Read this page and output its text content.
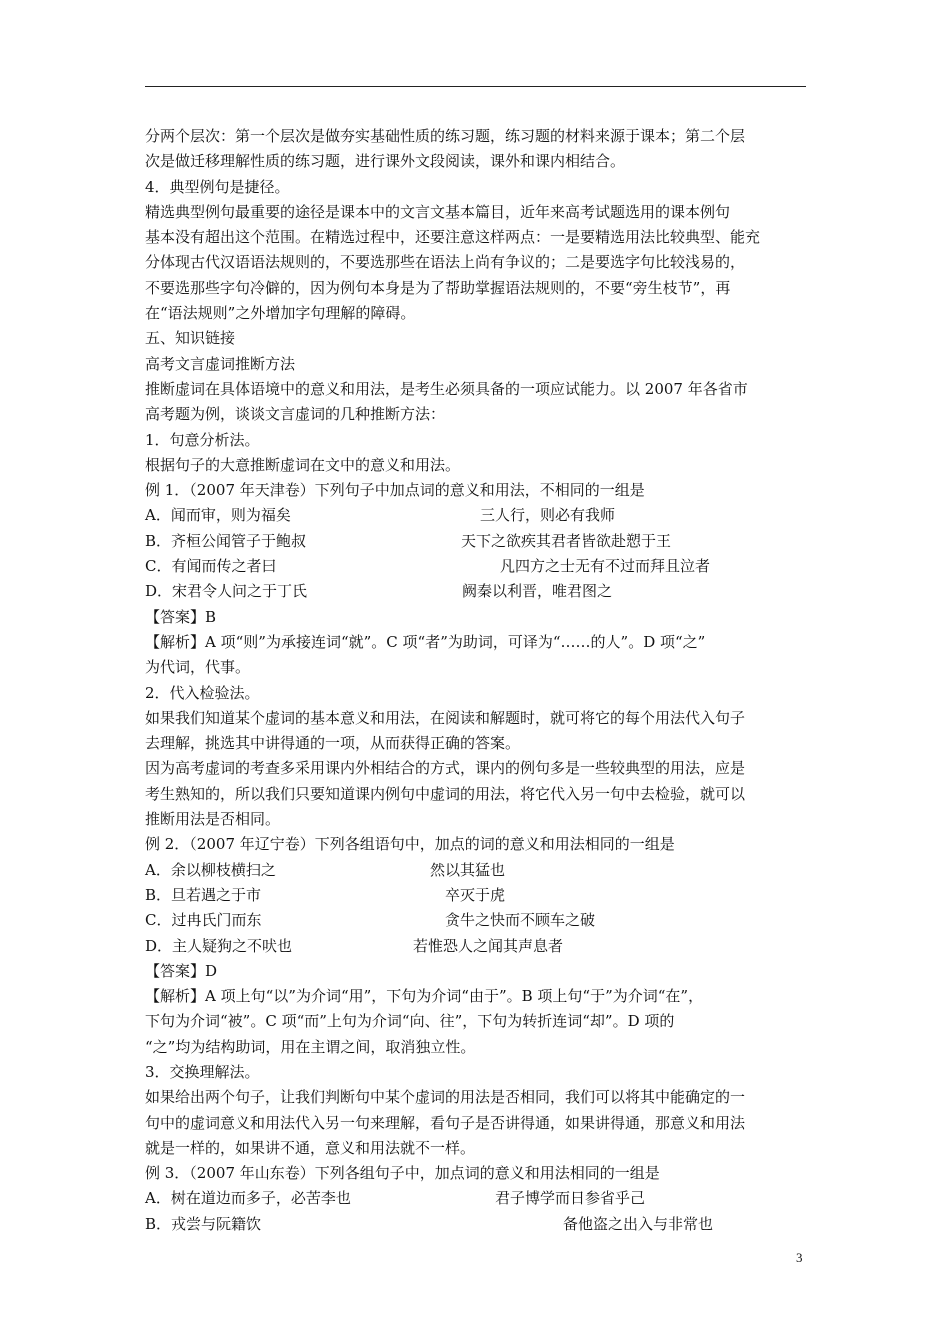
分两个层次：第一个层次是做夯实基础性质的练习题，练习题的材料来源于课本；第二个层
次是做迁移理解性质的练习题，进行课外文段阅读，课外和课内相结合。
4．典型例句是捷径。
精选典型例句最重要的途径是课本中的文言文基本篇目，近年来高考试题选用的课本例句
基本没有超出这个范围。在精选过程中，还要注意这样两点：一是要精选用法比较典型、能充
分体现古代汉语语法规则的，不要选那些在语法上尚有争议的；二是要选字句比较浅易的，
不要选那些字句冷僻的，因为例句本身是为了帮助掌握语法规则的，不要“旁生枝节”，再
在“语法规则”之外增加字句理解的障碍。
五、知识链接
高考文言虚词推断方法
推断虚词在具体语境中的意义和用法，是考生必须具备的一项应试能力。以 2007 年各省市
高考题为例，谈谈文言虚词的几种推断方法：
1．句意分析法。
根据句子的大意推断虚词在文中的意义和用法。
例 1．（2007 年天津卷）下列句子中加点词的意义和用法，不相同的一组是
A．闻而审，则为福矣	三人行，则必有我师
B．齐桓公闻管子于鲍叔	天下之欲疾其君者皆欲赴愬于王
C．有闻而传之者曰	凡四方之士无有不过而拜且泣者
D．宋君令人问之于丁氏	阙秦以利晋，唯君图之
【答案】B
【解析】A 项“则”为承接连词“就”。C 项“者”为助词，可译为“……的人”。D 项“之”
为代词，代事。
2．代入检验法。
如果我们知道某个虚词的基本意义和用法，在阅读和解题时，就可将它的每个用法代入句子
去理解，挑选其中讲得通的一项，从而获得正确的答案。
因为高考虚词的考查多采用课内外相结合的方式，课内的例句多是一些较典型的用法，应是
考生熟知的，所以我们只要知道课内例句中虚词的用法，将它代入另一句中去检验，就可以
推断用法是否相同。
例 2．（2007 年辽宁卷）下列各组语句中，加点的词的意义和用法相同的一组是
A．余以柳枝横扫之	然以其猛也
B．旦若遇之于市	卒灭于虎
C．过冉氏门而东	贪牛之快而不顾车之破
D．主人疑狗之不吠也	若惟恐人之闻其声息者
【答案】D
【解析】A 项上句“以”为介词“用”，下句为介词“由于”。B 项上句“于”为介词“在”，
下句为介词“被”。C 项“而”上句为介词“向、往”，下句为转折连词“却”。D 项的
“之”均为结构助词，用在主谓之间，取消独立性。
3．交换理解法。
如果给出两个句子，让我们判断句中某个虚词的用法是否相同，我们可以将其中能确定的一
句中的虚词意义和用法代入另一句来理解，看句子是否讲得通，如果讲得通，那意义和用法
就是一样的，如果讲不通，意义和用法就不一样。
例 3．（2007 年山东卷）下列各组句子中，加点词的意义和用法相同的一组是
A．树在道边而多子，必苦李也	君子博学而日参省乎己
B．戎尝与阮籍饮	备他盗之出入与非常也
3
